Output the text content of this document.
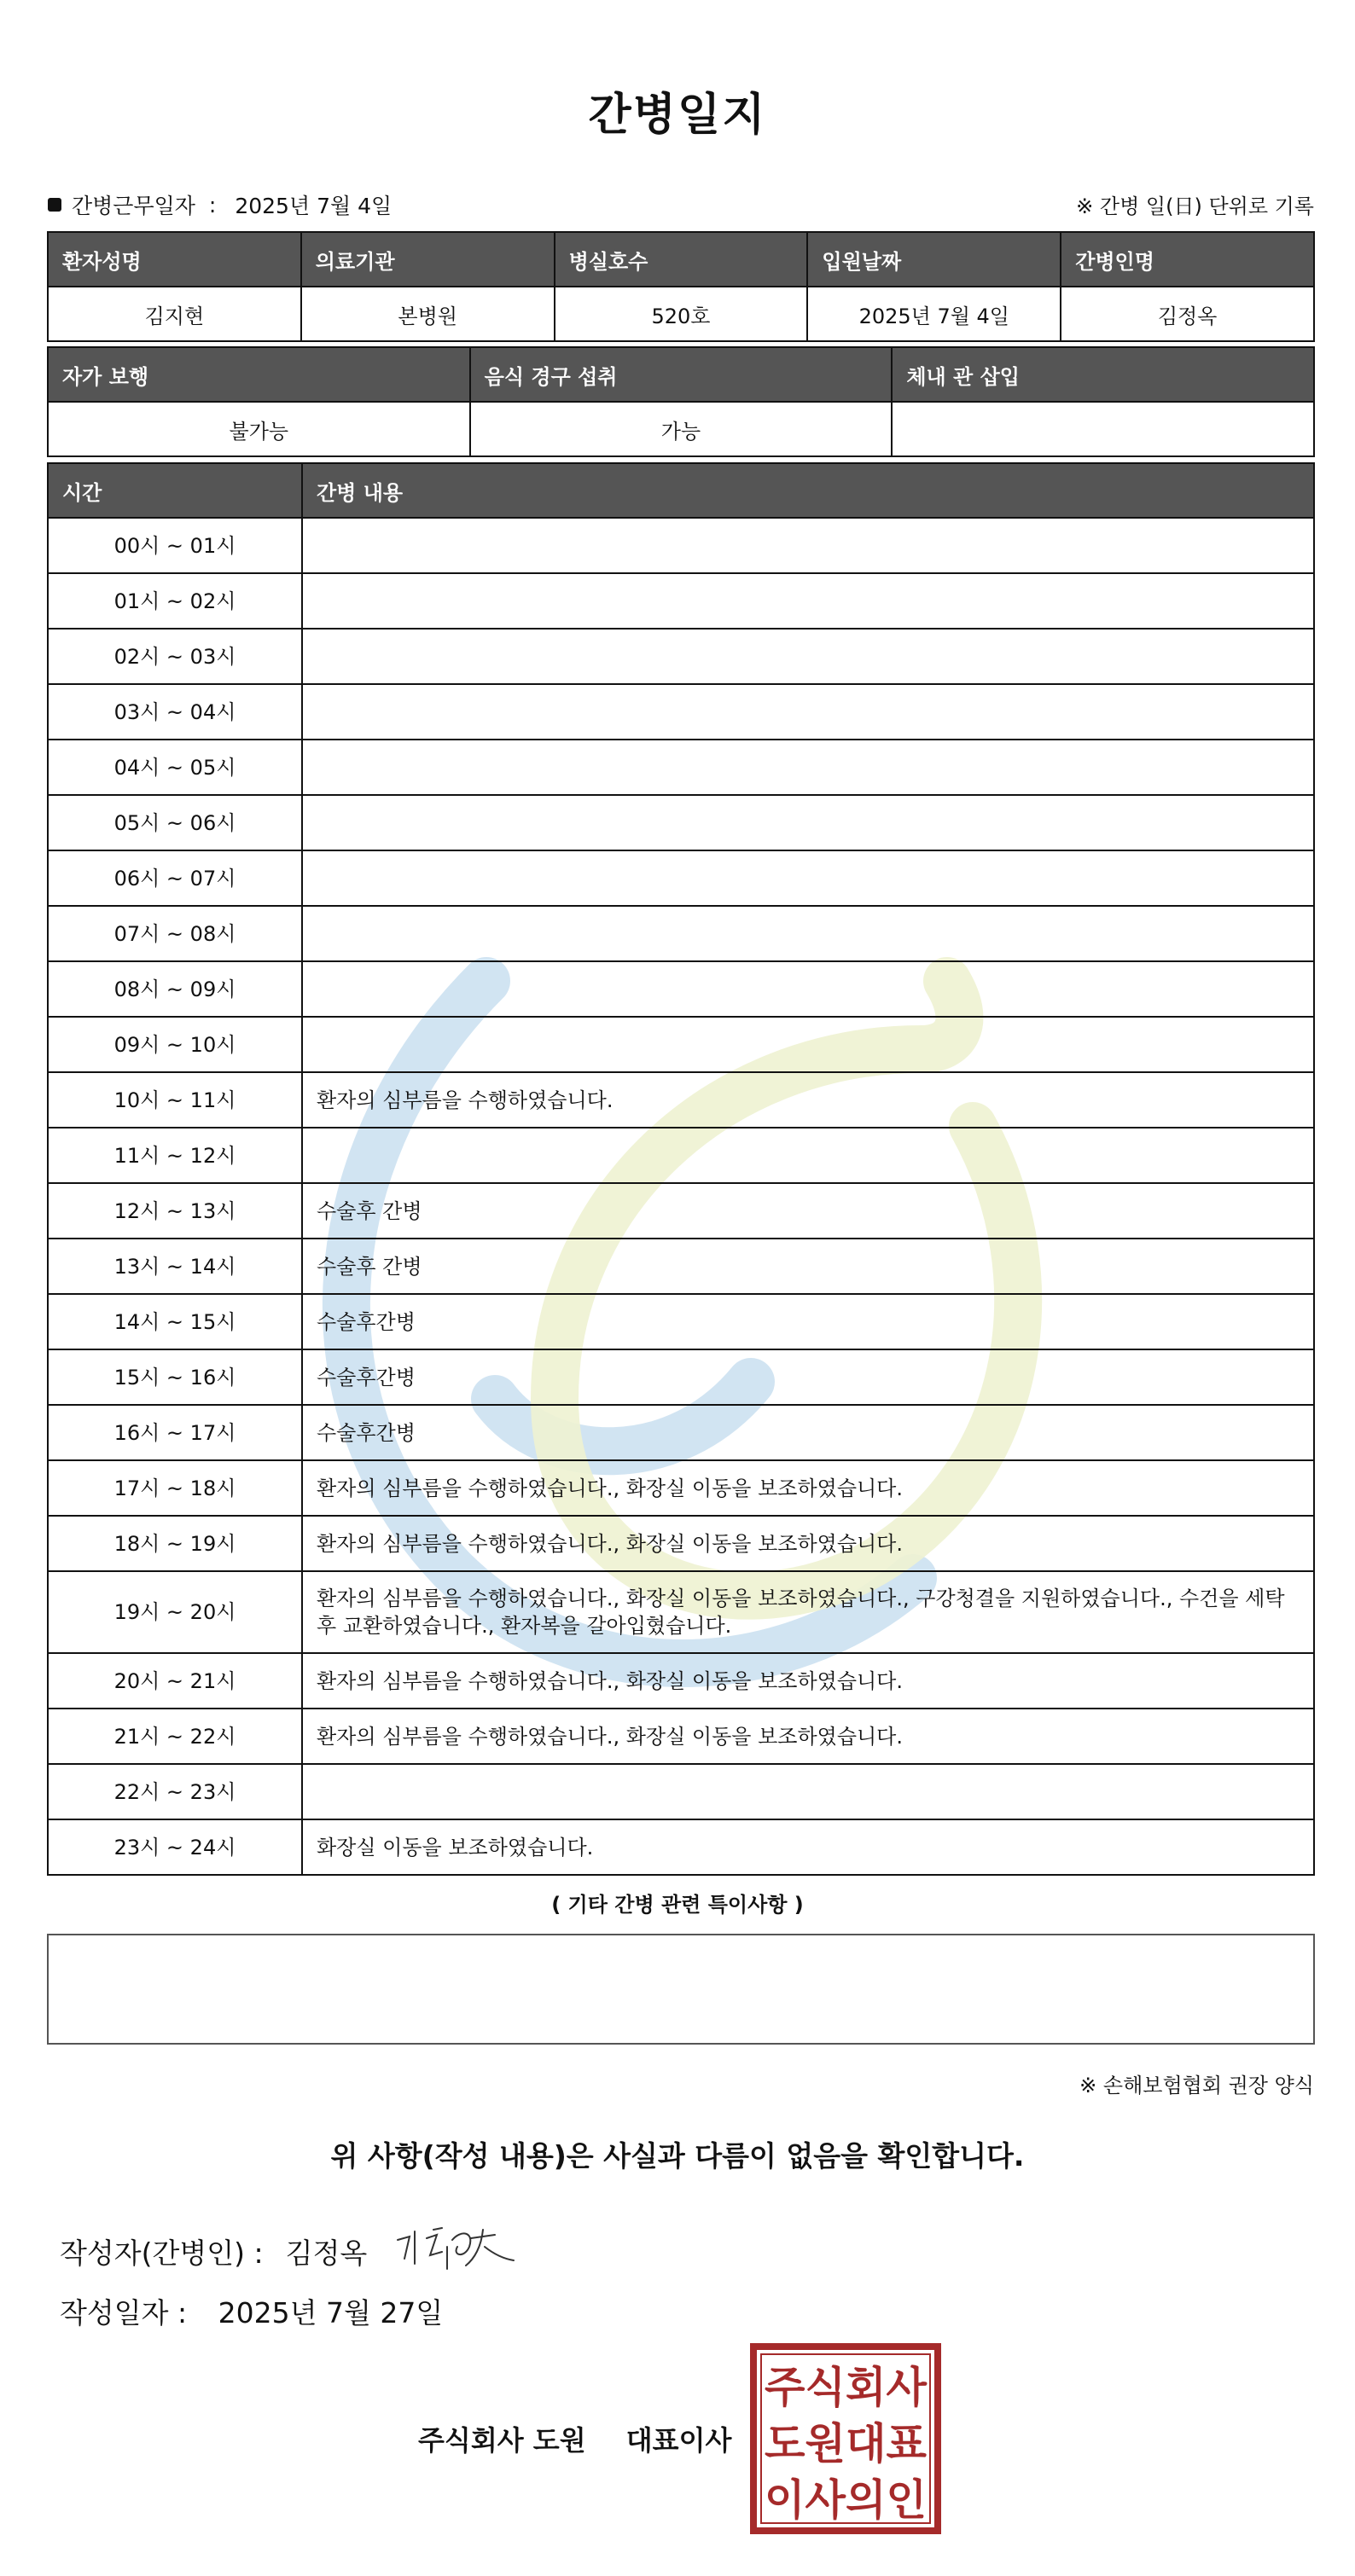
간병일지
간병근무일자 : 2025년 7월 4일	※ 간병 일(日) 단위로 기록
환자성명	의료기관	병실호수	입원날짜	간병인명
김지현	본병원	520호	2025년 7월 4일	김정옥
자가 보행	음식 경구 섭취	체내 관 삽입
불가능	가능	
시간	간병 내용
00시 ~ 01시	
01시 ~ 02시	
02시 ~ 03시	
03시 ~ 04시	
04시 ~ 05시	
05시 ~ 06시	
06시 ~ 07시	
07시 ~ 08시	
08시 ~ 09시	
09시 ~ 10시	
10시 ~ 11시	환자의 심부름을 수행하였습니다.
11시 ~ 12시	
12시 ~ 13시	수술후 간병
13시 ~ 14시	수술후 간병
14시 ~ 15시	수술후간병
15시 ~ 16시	수술후간병
16시 ~ 17시	수술후간병
17시 ~ 18시	환자의 심부름을 수행하였습니다., 화장실 이동을 보조하였습니다.
18시 ~ 19시	환자의 심부름을 수행하였습니다., 화장실 이동을 보조하였습니다.
19시 ~ 20시	환자의 심부름을 수행하였습니다., 화장실 이동을 보조하였습니다., 구강청결을 지원하였습니다., 수건을 세탁 후 교환하였습니다., 환자복을 갈아입혔습니다.
20시 ~ 21시	환자의 심부름을 수행하였습니다., 화장실 이동을 보조하였습니다.
21시 ~ 22시	환자의 심부름을 수행하였습니다., 화장실 이동을 보조하였습니다.
22시 ~ 23시	
23시 ~ 24시	화장실 이동을 보조하였습니다.
( 기타 간병 관련 특이사항 )
※ 손해보험협회 권장 양식
위 사항(작성 내용)은 사실과 다름이 없음을 확인합니다.
작성자(간병인) : 김정옥
작성일자 : 2025년 7월 27일
주식회사 도원 대표이사
주식회사
도원대표
이사의인
